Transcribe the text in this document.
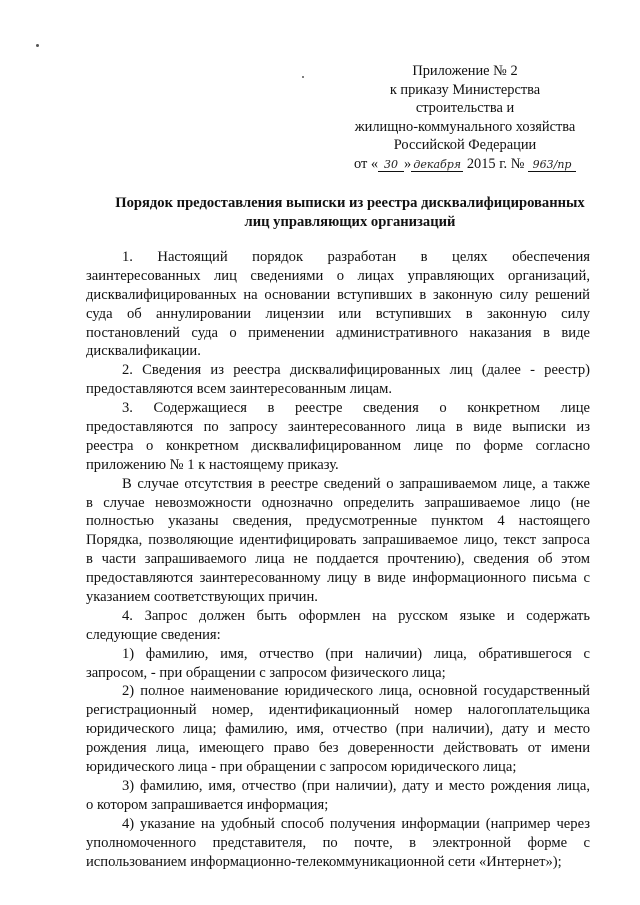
Приложение № 2
к приказу Министерства
строительства и
жилищно-коммунального хозяйства
Российской Федерации
от « 30 » декабря 2015 г. № 963/пр
Порядок предоставления выписки из реестра дисквалифицированных
лиц управляющих организаций
1. Настоящий порядок разработан в целях обеспечения
заинтересованных лиц сведениями о лицах управляющих организаций,
дисквалифицированных на основании вступивших в законную силу решений
суда об аннулировании лицензии или вступивших в законную силу
постановлений суда о применении административного наказания в виде
дисквалификации.
2. Сведения из реестра дисквалифицированных лиц (далее - реестр)
предоставляются всем заинтересованным лицам.
3. Содержащиеся в реестре сведения о конкретном лице
предоставляются по запросу заинтересованного лица в виде выписки из
реестра о конкретном дисквалифицированном лице по форме согласно
приложению № 1 к настоящему приказу.
В случае отсутствия в реестре сведений о запрашиваемом лице, а также
в случае невозможности однозначно определить запрашиваемое лицо (не
полностью указаны сведения, предусмотренные пунктом 4 настоящего
Порядка, позволяющие идентифицировать запрашиваемое лицо, текст запроса
в части запрашиваемого лица не поддается прочтению), сведения об этом
предоставляются заинтересованному лицу в виде информационного письма с
указанием соответствующих причин.
4. Запрос должен быть оформлен на русском языке и содержать
следующие сведения:
1) фамилию, имя, отчество (при наличии) лица, обратившегося с
запросом, - при обращении с запросом физического лица;
2) полное наименование юридического лица, основной государственный
регистрационный номер, идентификационный номер налогоплательщика
юридического лица; фамилию, имя, отчество (при наличии), дату и место
рождения лица, имеющего право без доверенности действовать от имени
юридического лица - при обращении с запросом юридического лица;
3) фамилию, имя, отчество (при наличии), дату и место рождения лица,
о котором запрашивается информация;
4) указание на удобный способ получения информации (например через
уполномоченного представителя, по почте, в электронной форме с
использованием информационно-телекоммуникационной сети «Интернет»);
